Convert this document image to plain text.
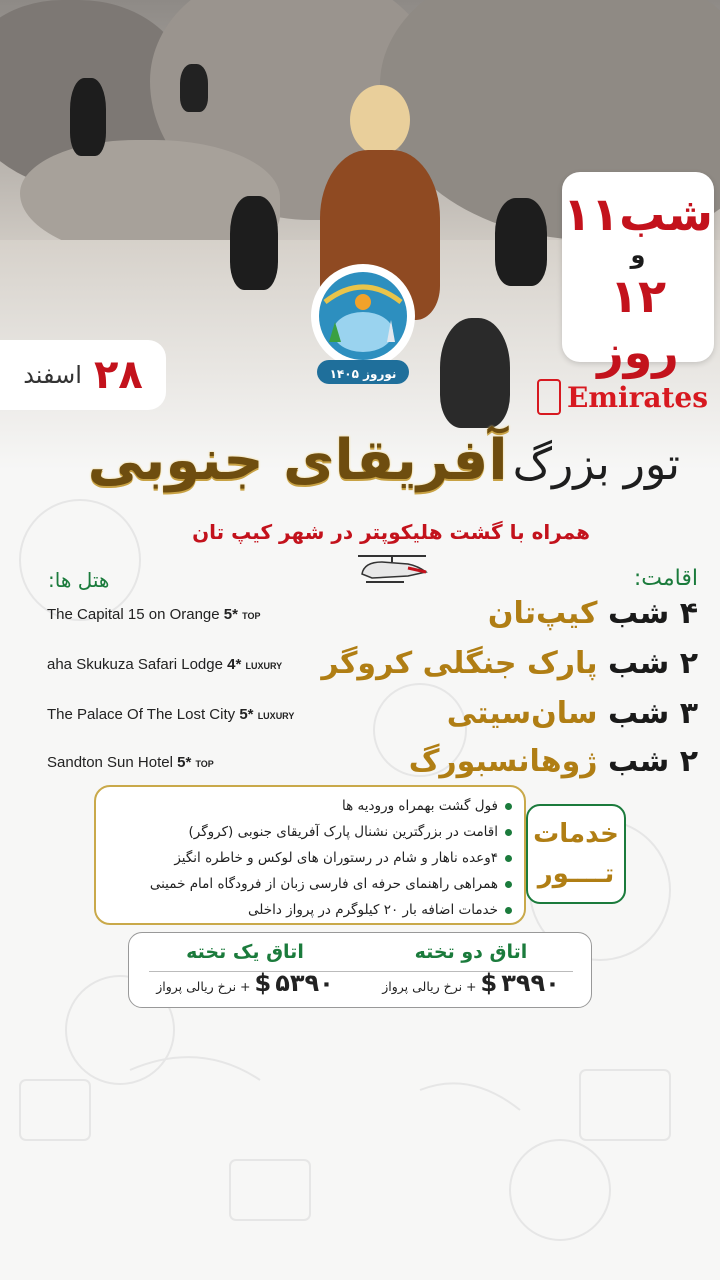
۱۱شب
و
۱۲ روز
اسفند ۲۸	نوروز ۱۴۰۵
Emirates
تور بزرگ آفریقای جنوبی
همراه با گشت هلیکوپتر در شهر کیپ تان
اقامت:
۴ شب کیپ‌تان
۲ شب پارک جنگلی کروگر
۳ شب سان‌سیتی
۲ شب ژوهانسبورگ
هتل ها:
The Capital 15 on Orange 5* TOP
aha Skukuza Safari Lodge 4* LUXURY
The Palace Of The Lost City 5* LUXURY
Sandton Sun Hotel 5* TOP
فول گشت بهمراه ورودیه ها
اقامت در بزرگترین نشنال پارک آفریقای جنوبی (کروگر)
۴وعده ناهار و شام در رستوران های لوکس و خاطره انگیز
همراهی راهنمای حرفه ای فارسی زبان از فرودگاه امام خمینی
خدمات اضافه بار ۲۰ کیلوگرم در پرواز داخلی
خدمات
تــــور
اتاق دو تخته
۳۹۹۰ $ + نرخ ریالی پرواز
اتاق یک تخته
۵۳۹۰ $ + نرخ ریالی پرواز
